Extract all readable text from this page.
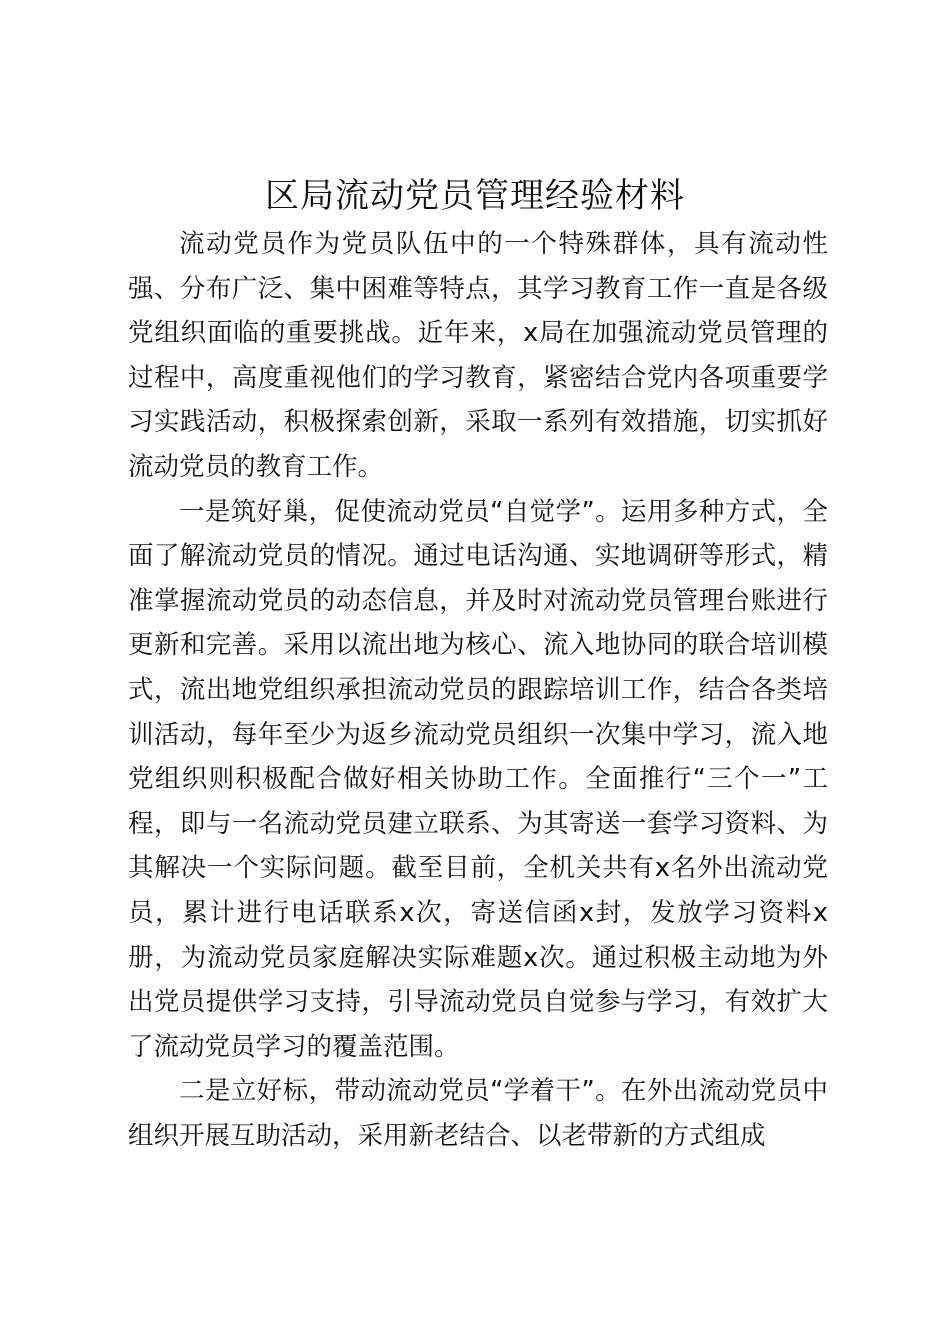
区局流动党员管理经验材料

流动党员作为党员队伍中的一个特殊群体，具有流动性强、分布广泛、集中困难等特点，其学习教育工作一直是各级党组织面临的重要挑战。近年来，x局在加强流动党员管理的过程中，高度重视他们的学习教育，紧密结合党内各项重要学习实践活动，积极探索创新，采取一系列有效措施，切实抓好流动党员的教育工作。

一是筑好巢，促使流动党员“自觉学”。运用多种方式，全面了解流动党员的情况。通过电话沟通、实地调研等形式，精准掌握流动党员的动态信息，并及时对流动党员管理台账进行更新和完善。采用以流出地为核心、流入地协同的联合培训模式，流出地党组织承担流动党员的跟踪培训工作，结合各类培训活动，每年至少为返乡流动党员组织一次集中学习，流入地党组织则积极配合做好相关协助工作。全面推行“三个一”工程，即与一名流动党员建立联系、为其寄送一套学习资料、为其解决一个实际问题。截至目前，全机关共有x名外出流动党员，累计进行电话联系x次，寄送信函x封，发放学习资料x册，为流动党员家庭解决实际难题x次。通过积极主动地为外出党员提供学习支持，引导流动党员自觉参与学习，有效扩大了流动党员学习的覆盖范围。

二是立好标，带动流动党员“学着干”。在外出流动党员中组织开展互助活动，采用新老结合、以老带新的方式组成
